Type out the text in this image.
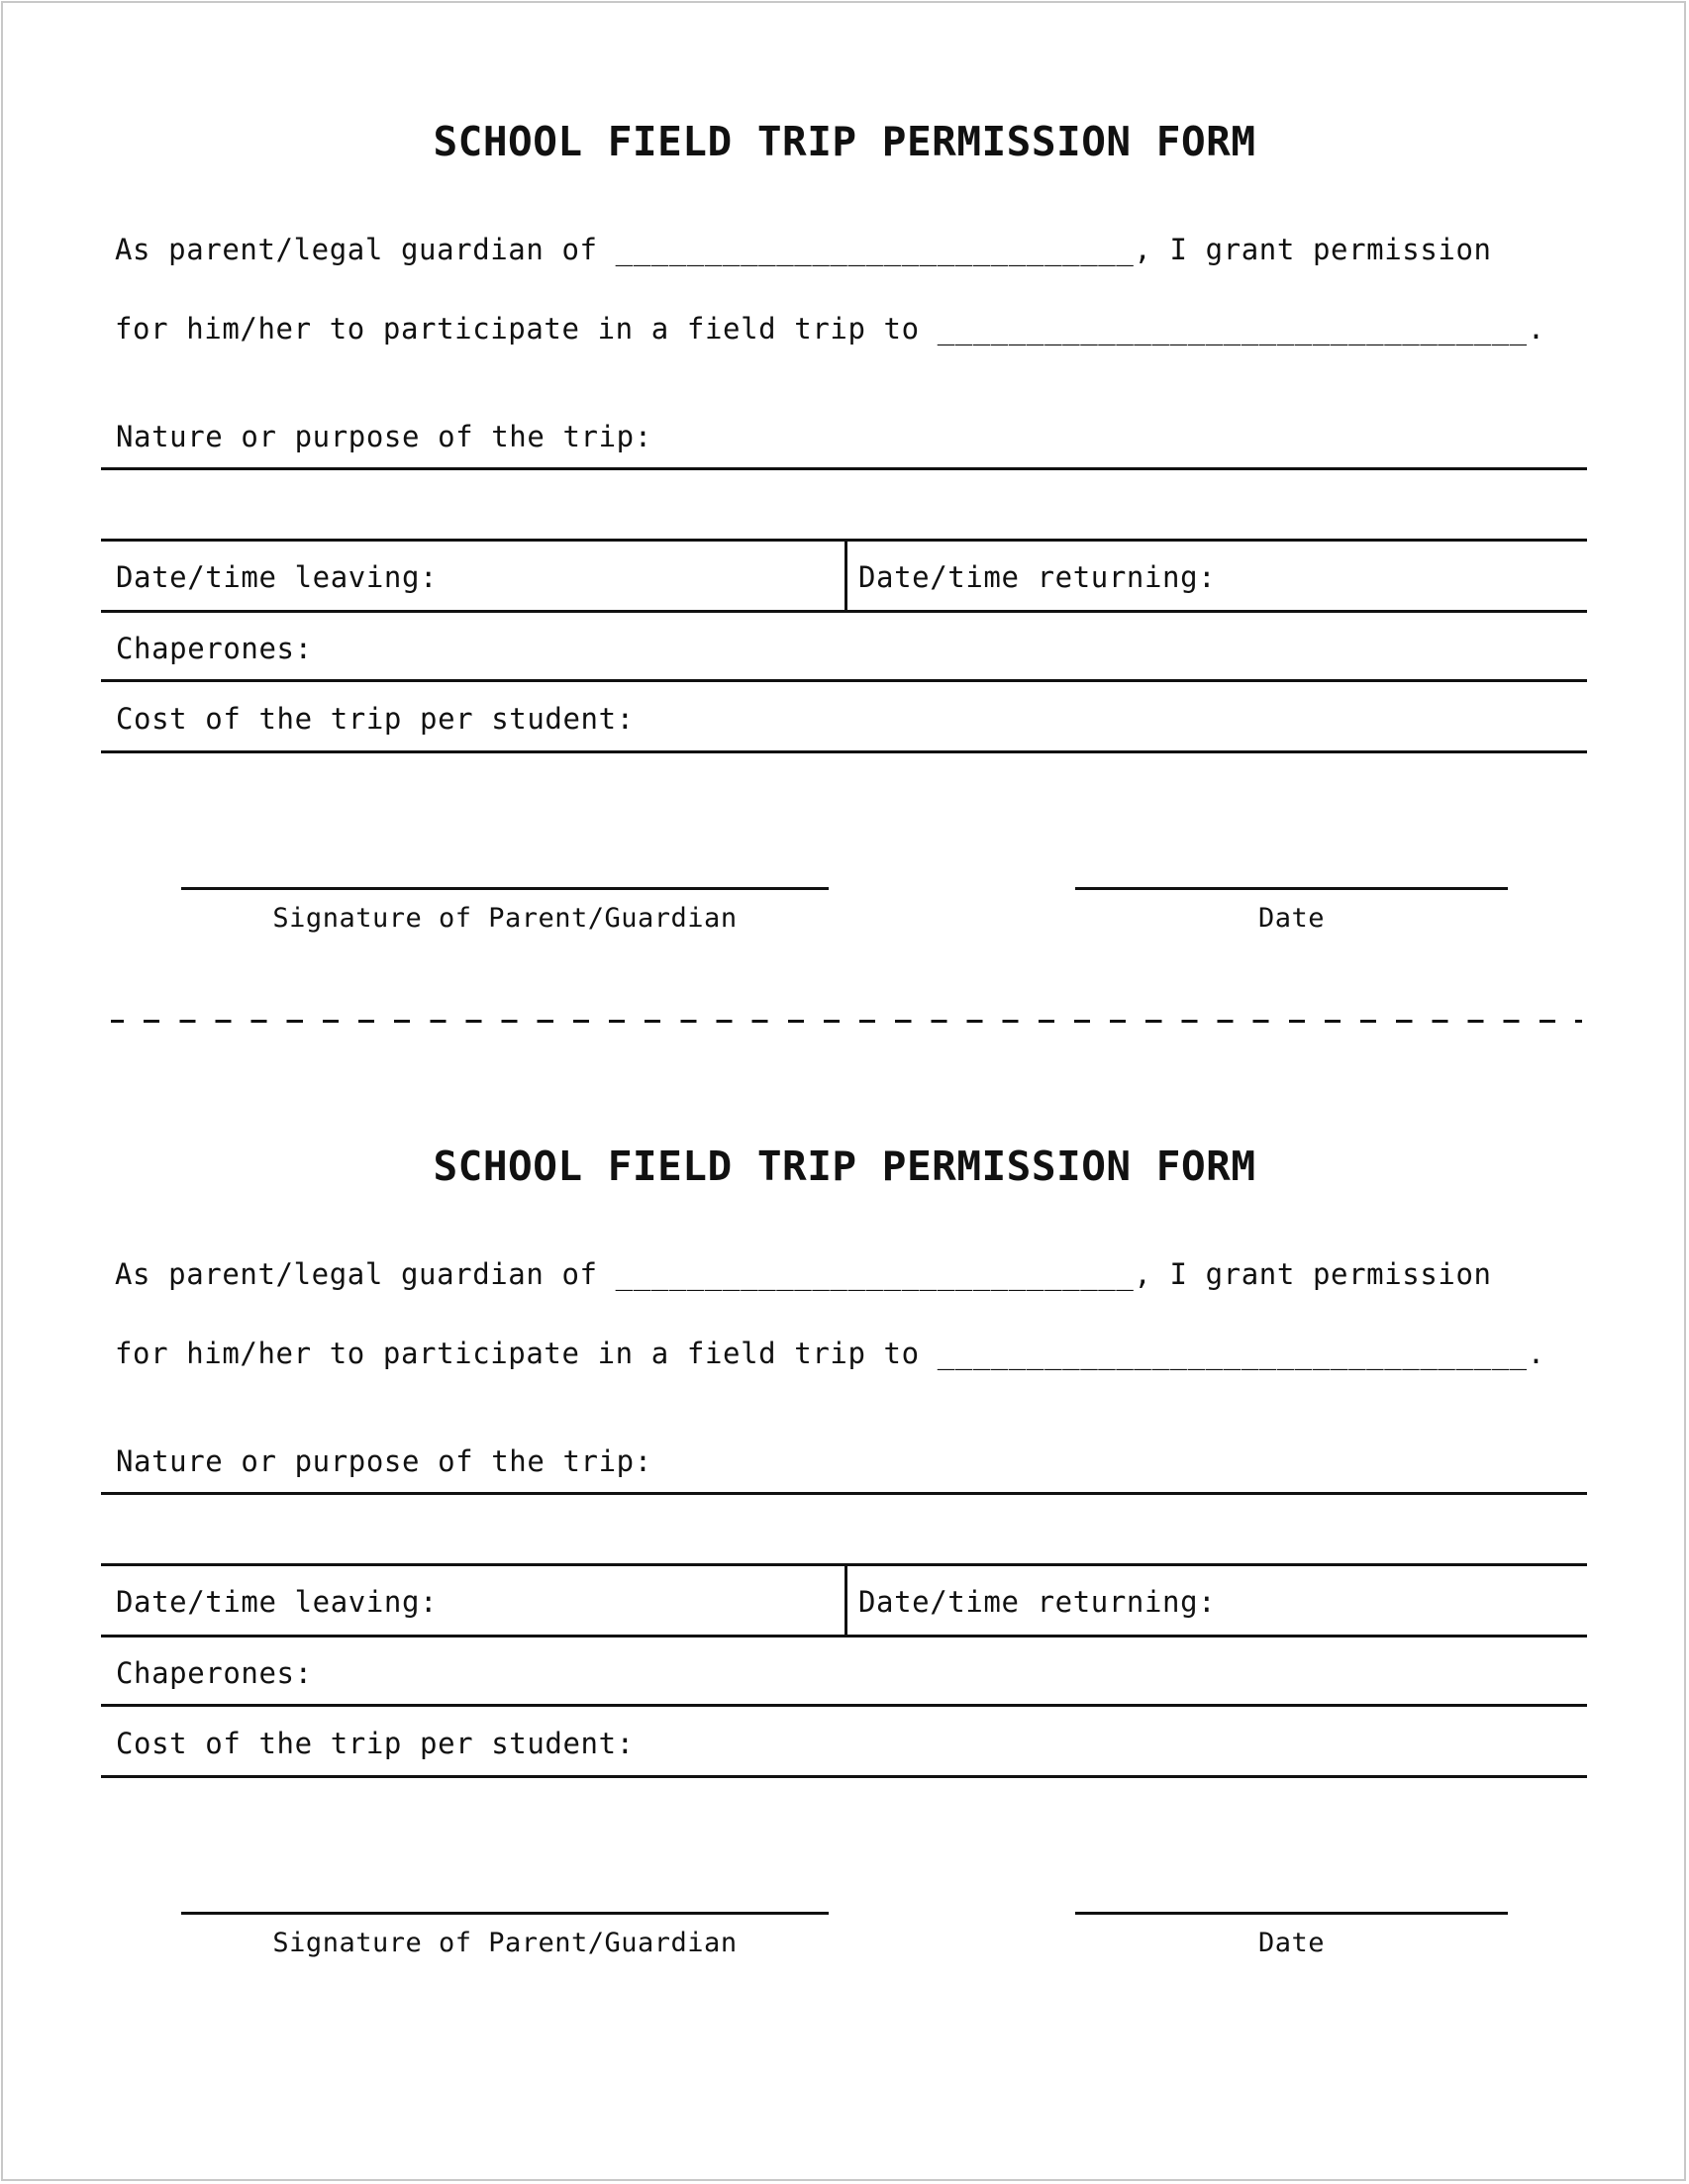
SCHOOL FIELD TRIP PERMISSION FORM
As parent/legal guardian of _____________________________, I grant permission
for him/her to participate in a field trip to _________________________________.
Nature or purpose of the trip:
Date/time leaving:	Date/time returning:
Chaperones:
Cost of the trip per student:
Signature of Parent/Guardian	Date
SCHOOL FIELD TRIP PERMISSION FORM
As parent/legal guardian of _____________________________, I grant permission
for him/her to participate in a field trip to _________________________________.
Nature or purpose of the trip:
Date/time leaving:	Date/time returning:
Chaperones:
Cost of the trip per student:
Signature of Parent/Guardian	Date
